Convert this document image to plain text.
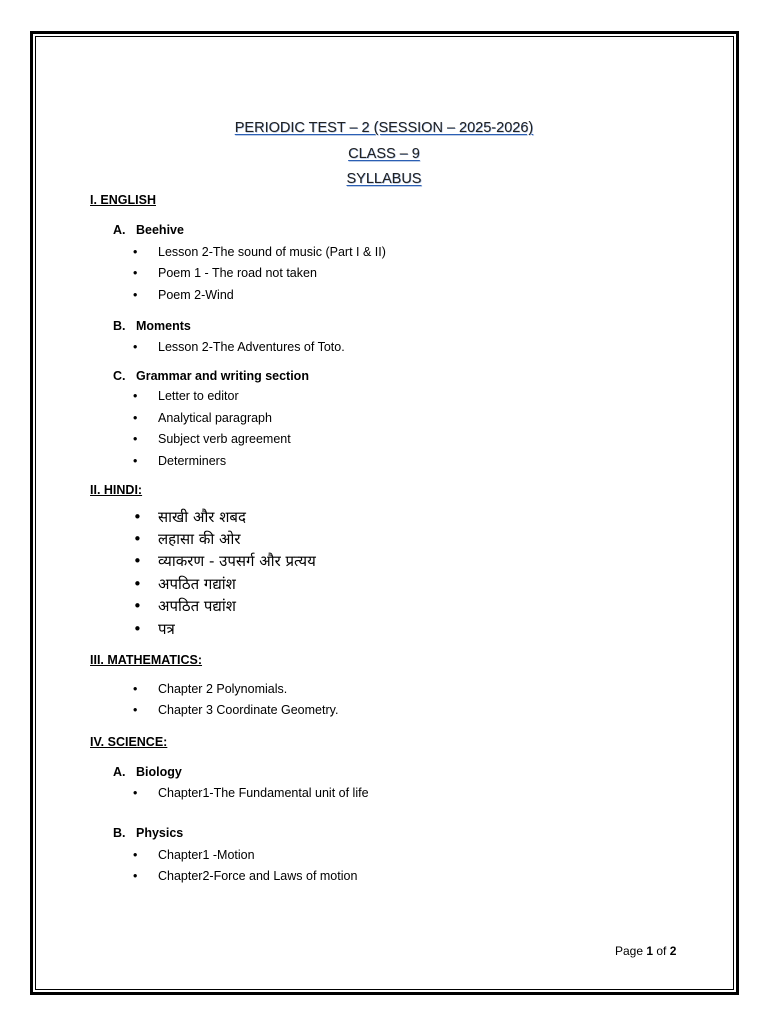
PERIODIC TEST – 2 (SESSION – 2025-2026)
CLASS – 9
SYLLABUS
I. ENGLISH
A. Beehive
• Lesson 2-The sound of music (Part I & II)
• Poem 1 - The road not taken
• Poem 2-Wind
B. Moments
• Lesson 2-The Adventures of Toto.
C. Grammar and writing section
• Letter to editor
• Analytical paragraph
• Subject verb agreement
• Determiners
II. HINDI:
• साखी और शबद
• लहासा की ओर
• व्याकरण - उपसर्ग और प्रत्यय
• अपठित गद्यांश
• अपठित पद्यांश
• पत्र
III. MATHEMATICS:
• Chapter 2 Polynomials.
• Chapter 3 Coordinate Geometry.
IV. SCIENCE:
A. Biology
• Chapter1-The Fundamental unit of life
B. Physics
• Chapter1 -Motion
• Chapter2-Force and Laws of motion
Page 1 of 2
